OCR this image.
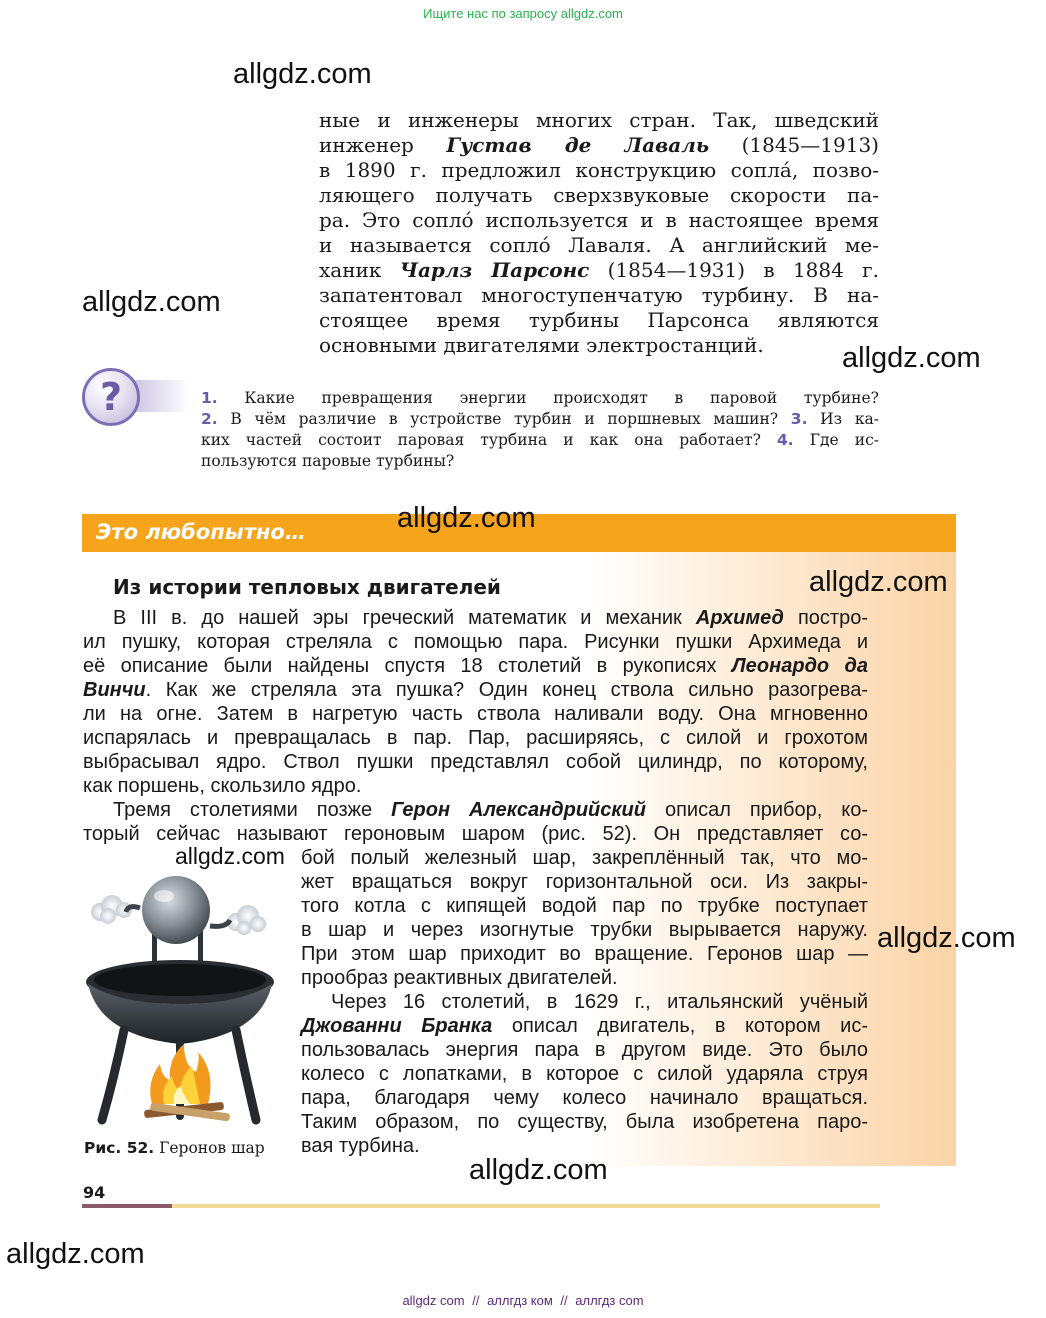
Ищите нас по запросу allgdz.com
allgdz.com
allgdz.com
allgdz.com
allgdz.com
allgdz.com
allgdz.com
allgdz.com
allgdz.com
allgdz.com

ные и инженеры многих стран. Так, шведский

инженер Густав де Лаваль (1845—1913)

в 1890 г. предложил конструкцию сопла́, позво-

ляющего получать сверхзвуковые скорости па-

ра. Это сопло́ используется и в настоящее время

и называется сопло́ Лаваля. А английский ме-

ханик Чарлз Парсонс (1854—1931) в 1884 г.

запатентовал многоступенчатую турбину. В на-

стоящее время турбины Парсонса являются

основными двигателями электростанций.

?	1. Какие превращения энергии происходят в паровой турбине?

2. В чём различие в устройстве турбин и поршневых машин? 3. Из ка-

ких частей состоит паровая турбина и как она работает? 4. Где ис-

пользуются паровые турбины?

Это любопытно…
Из истории тепловых двигателей

В III в. до нашей эры греческий математик и механик Архимед постро-

ил пушку, которая стреляла с помощью пара. Рисунки пушки Архимеда и

её описание были найдены спустя 18 столетий в рукописях Леонардо да

Винчи. Как же стреляла эта пушка? Один конец ствола сильно разогрева-

ли на огне. Затем в нагретую часть ствола наливали воду. Она мгновенно

испарялась и превращалась в пар. Пар, расширяясь, с силой и грохотом

выбрасывал ядро. Ствол пушки представлял собой цилиндр, по которому,

как поршень, скользило ядро.

Тремя столетиями позже Герон Александрийский описал прибор, ко-

торый сейчас называют героновым шаром (рис. 52). Он представляет со-

бой полый железный шар, закреплённый так, что мо-

жет вращаться вокруг горизонтальной оси. Из закры-

того котла с кипящей водой пар по трубке поступает

в шар и через изогнутые трубки вырывается наружу.

При этом шар приходит во вращение. Геронов шар —

прообраз реактивных двигателей.

Через 16 столетий, в 1629 г., итальянский учёный

Джованни Бранка описал двигатель, в котором ис-

пользовалась энергия пара в другом виде. Это было

колесо с лопатками, в которое с силой ударяла струя

пара, благодаря чему колесо начинало вращаться.

Таким образом, по существу, была изобретена паро-

вая турбина.

Рис. 52. Геронов шар
94
allgdz com // аллгдз ком // аллгдз com
